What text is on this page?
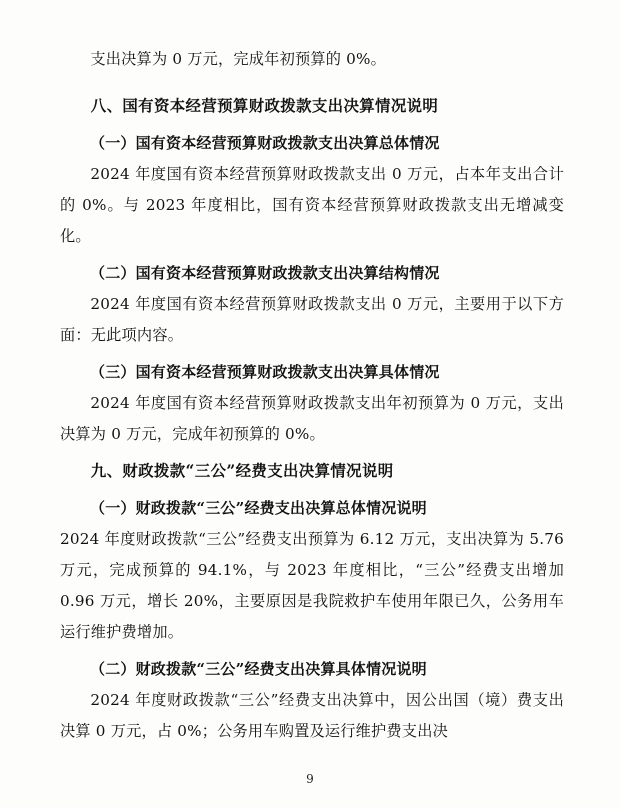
支出决算为 0 万元，完成年初预算的 0%。

八、国有资本经营预算财政拨款支出决算情况说明

（一）国有资本经营预算财政拨款支出决算总体情况

2024 年度国有资本经营预算财政拨款支出 0 万元，占本年支出合计的 0%。与 2023 年度相比，国有资本经营预算财政拨款支出无增减变化。

（二）国有资本经营预算财政拨款支出决算结构情况

2024 年度国有资本经营预算财政拨款支出 0 万元，主要用于以下方面：无此项内容。

（三）国有资本经营预算财政拨款支出决算具体情况

2024 年度国有资本经营预算财政拨款支出年初预算为 0 万元，支出决算为 0 万元，完成年初预算的 0%。

九、财政拨款“三公”经费支出决算情况说明

（一）财政拨款“三公”经费支出决算总体情况说明

2024 年度财政拨款“三公”经费支出预算为 6.12 万元，支出决算为 5.76 万元，完成预算的 94.1%，与 2023 年度相比，“三公”经费支出增加 0.96 万元，增长 20%，主要原因是我院救护车使用年限已久，公务用车运行维护费增加。

（二）财政拨款“三公”经费支出决算具体情况说明

2024 年度财政拨款“三公”经费支出决算中，因公出国（境）费支出决算 0 万元，占 0%；公务用车购置及运行维护费支出决

9
